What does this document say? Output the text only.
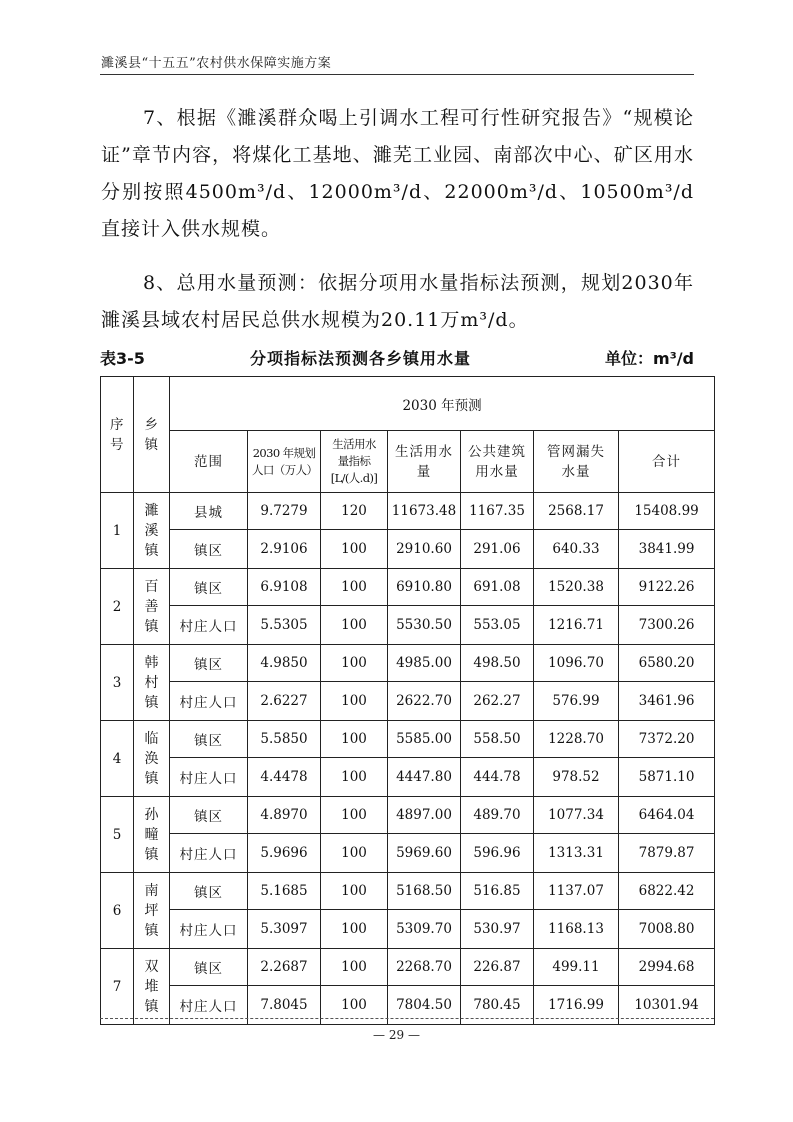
濉溪县“十五五”农村供水保障实施方案

7、根据《濉溪群众喝上引调水工程可行性研究报告》“规模论证”章节内容，将煤化工基地、濉芜工业园、南部次中心、矿区用水分别按照4500m³/d、12000m³/d、22000m³/d、10500m³/d直接计入供水规模。

8、总用水量预测：依据分项用水量指标法预测，规划2030年濉溪县域农村居民总供水规模为20.11万m³/d。

表3-5	分项指标法预测各乡镇用水量	单位：m³/d
序号	乡镇	2030 年预测						

		范围	2030 年规划人口（万人）	生活用水量指标[L/(人.d)]	生活用水量	公共建筑用水量	管网漏失水量	合计

1	濉溪镇	县城	9.7279	120	11673.48	1167.35	2568.17	15408.99
		镇区	2.9106	100	2910.60	291.06	640.33	3841.99
2	百善镇	镇区	6.9108	100	6910.80	691.08	1520.38	9122.26
		村庄人口	5.5305	100	5530.50	553.05	1216.71	7300.26
3	韩村镇	镇区	4.9850	100	4985.00	498.50	1096.70	6580.20
		村庄人口	2.6227	100	2622.70	262.27	576.99	3461.96
4	临涣镇	镇区	5.5850	100	5585.00	558.50	1228.70	7372.20
		村庄人口	4.4478	100	4447.80	444.78	978.52	5871.10
5	孙疃镇	镇区	4.8970	100	4897.00	489.70	1077.34	6464.04
		村庄人口	5.9696	100	5969.60	596.96	1313.31	7879.87
6	南坪镇	镇区	5.1685	100	5168.50	516.85	1137.07	6822.42
		村庄人口	5.3097	100	5309.70	530.97	1168.13	7008.80
7	双堆镇	镇区	2.2687	100	2268.70	226.87	499.11	2994.68
		村庄人口	7.8045	100	7804.50	780.45	1716.99	10301.94
— 29 —
